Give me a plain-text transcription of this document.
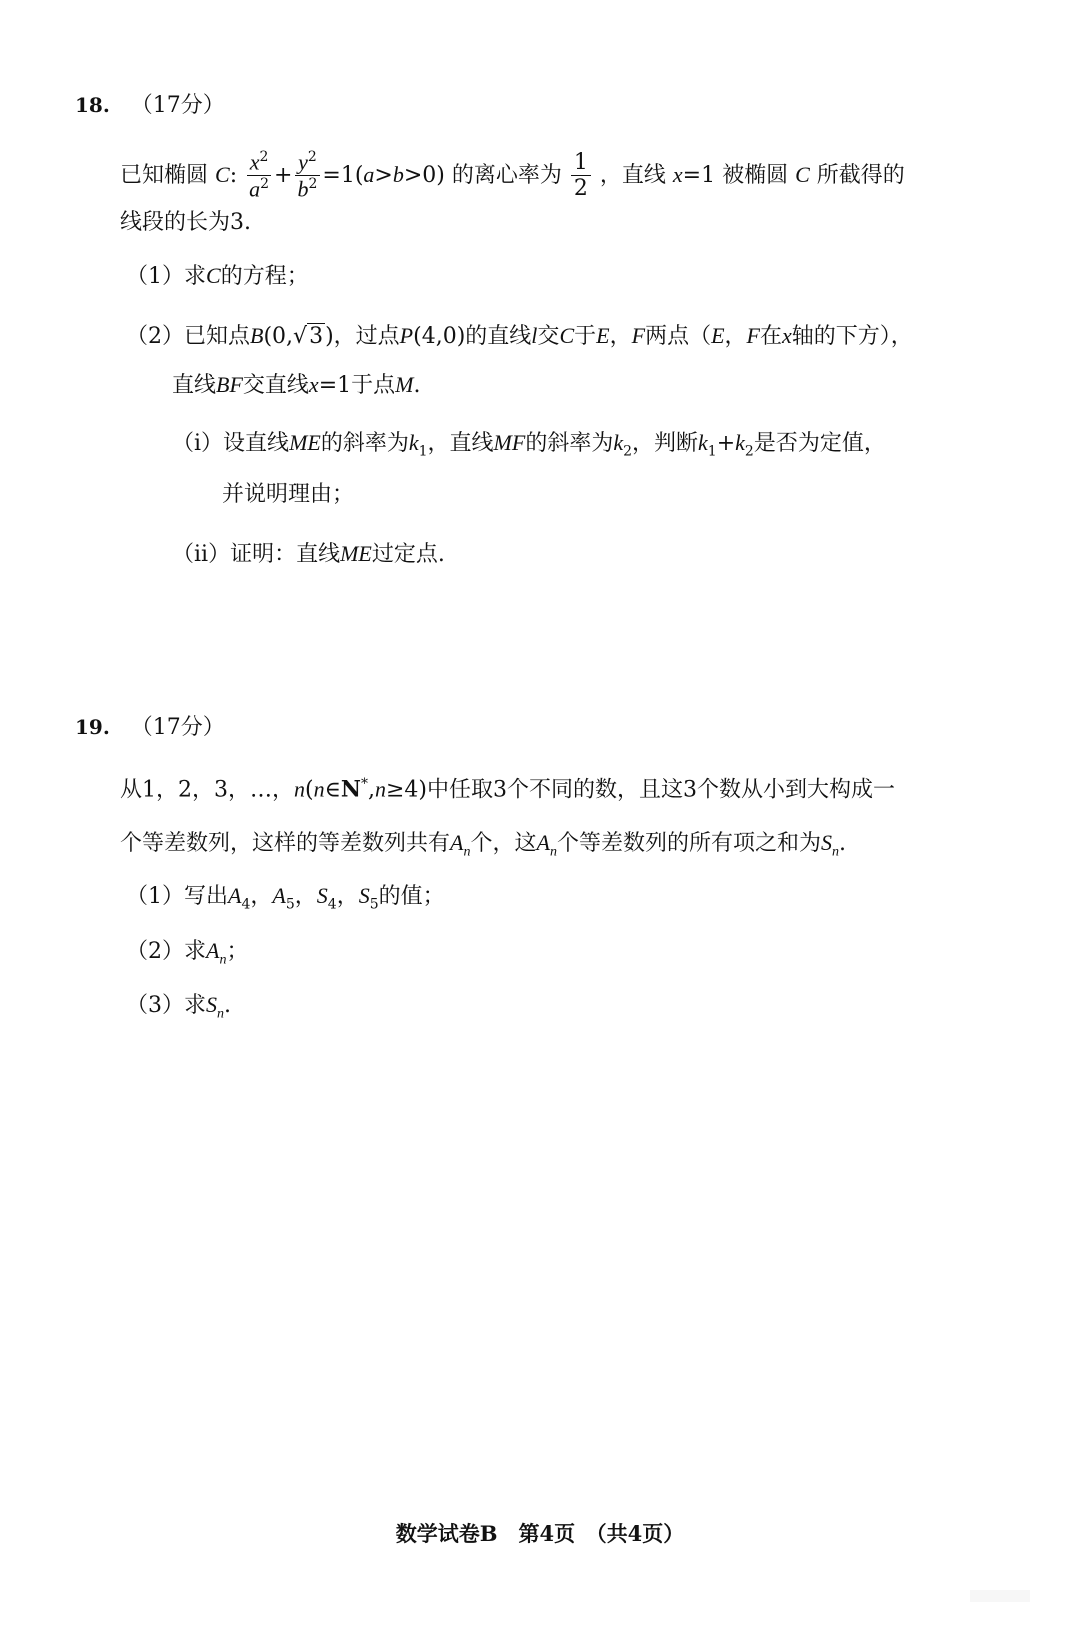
18. （17分）
已知椭圆 C: $\frac{x^2}{a^2} + \frac{y^2}{b^2} =1(a>b>0)$ 的离心率为 $\frac{1}{2}$ ，直线 x=1 被椭圆 C 所截得的
线段的长为3.
（1）求C的方程；
（2）已知点B(0,√3)，过点P(4,0)的直线l交C于E，F两点（E，F在x轴的下方），
直线BF交直线x=1于点M.
（i）设直线ME的斜率为$k_1$，直线MF的斜率为$k_2$，判断$k_1+k_2$是否为定值，
并说明理由；
（ii）证明：直线ME过定点.
19. （17分）
从1，2，3，…，n(n∈N*,n≥4)中任取3个不同的数，且这3个数从小到大构成一
个等差数列，这样的等差数列共有$A_n$个，这$A_n$个等差数列的所有项之和为$S_n$.
（1）写出$A_4$，$A_5$，$S_4$，$S_5$的值；
（2）求$A_n$；
（3）求$S_n$.
数学试卷B　第4页　（共4页）
